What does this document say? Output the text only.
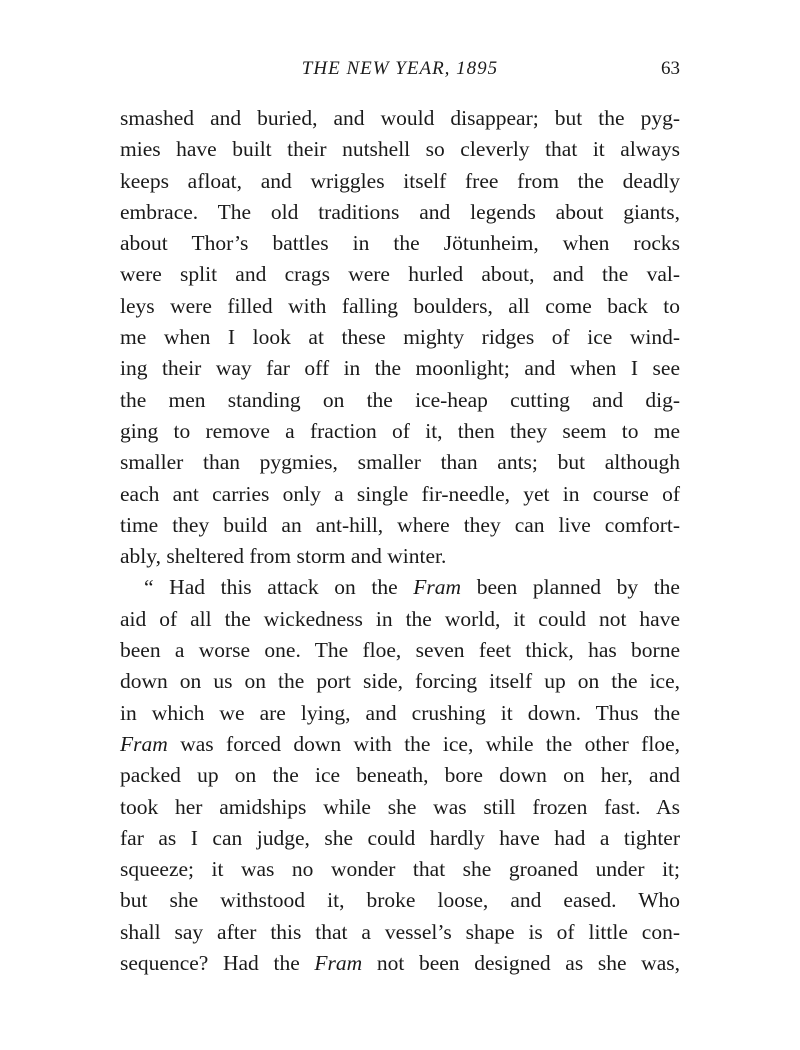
THE NEW YEAR, 1895	63
smashed and buried, and would disappear; but the pyg-
mies have built their nutshell so cleverly that it always
keeps afloat, and wriggles itself free from the deadly
embrace. The old traditions and legends about giants,
about Thor’s battles in the Jötunheim, when rocks
were split and crags were hurled about, and the val-
leys were filled with falling boulders, all come back to
me when I look at these mighty ridges of ice wind-
ing their way far off in the moonlight; and when I see
the men standing on the ice-heap cutting and dig-
ging to remove a fraction of it, then they seem to me
smaller than pygmies, smaller than ants; but although
each ant carries only a single fir-needle, yet in course of
time they build an ant-hill, where they can live comfort-
ably, sheltered from storm and winter.
“ Had this attack on the Fram been planned by the
aid of all the wickedness in the world, it could not have
been a worse one. The floe, seven feet thick, has borne
down on us on the port side, forcing itself up on the ice,
in which we are lying, and crushing it down. Thus the
Fram was forced down with the ice, while the other floe,
packed up on the ice beneath, bore down on her, and
took her amidships while she was still frozen fast. As
far as I can judge, she could hardly have had a tighter
squeeze; it was no wonder that she groaned under it;
but she withstood it, broke loose, and eased. Who
shall say after this that a vessel’s shape is of little con-
sequence? Had the Fram not been designed as she was,
